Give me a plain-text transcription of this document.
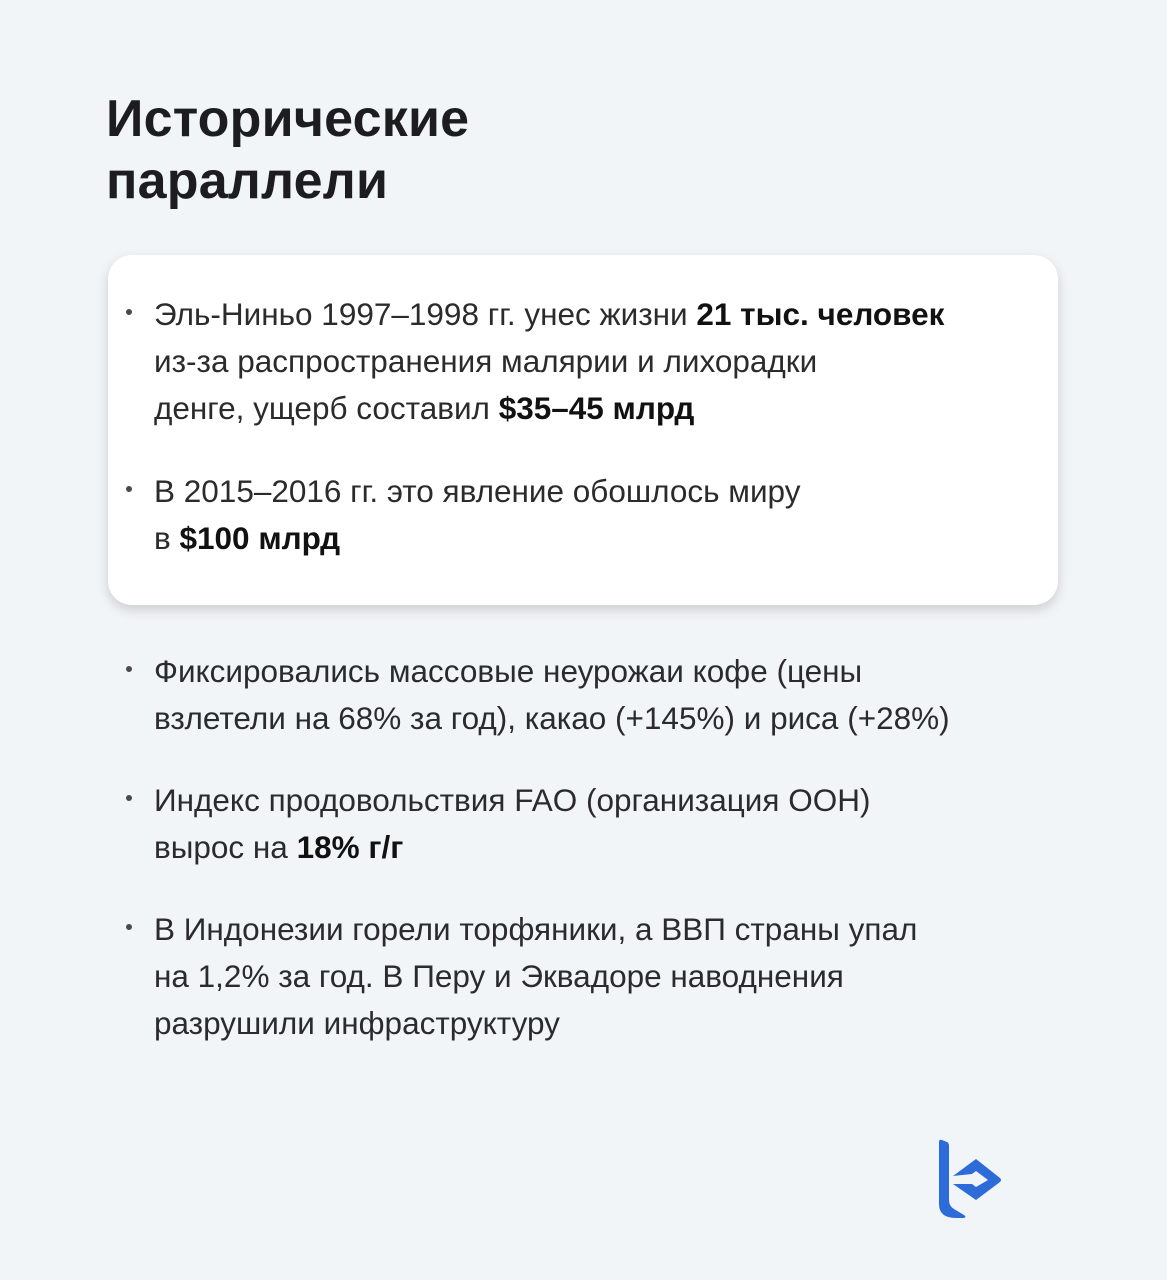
Исторические
параллели

Эль-Ниньо 1997–1998 гг. унес жизни 21 тыс. человек

из-за распространения малярии и лихорадки

денге, ущерб составил $35–45 млрд

В 2015–2016 гг. это явление обошлось миру

в $100 млрд

Фиксировались массовые неурожаи кофе (цены

взлетели на 68% за год), какао (+145%) и риса (+28%)

Индекс продовольствия FAO (организация ООН)

вырос на 18% г/г

В Индонезии горели торфяники, а ВВП страны упал

на 1,2% за год. В Перу и Эквадоре наводнения

разрушили инфраструктуру
